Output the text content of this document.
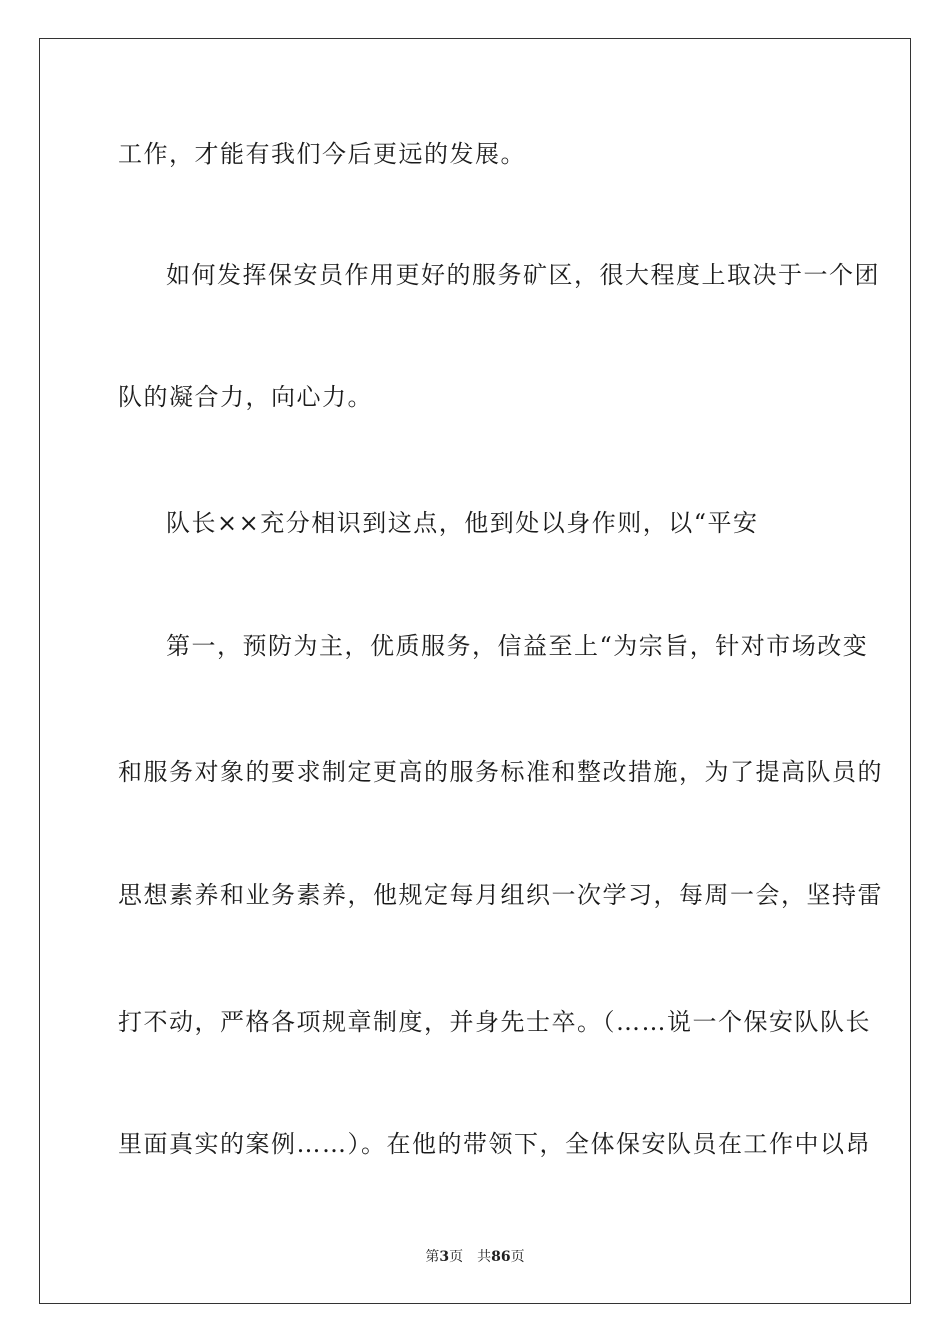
工作，才能有我们今后更远的发展。
如何发挥保安员作用更好的服务矿区，很大程度上取决于一个团
队的凝合力，向心力。
队长××充分相识到这点，他到处以身作则，以“平安
第一，预防为主，优质服务，信益至上“为宗旨，针对市场改变
和服务对象的要求制定更高的服务标准和整改措施，为了提高队员的
思想素养和业务素养，他规定每月组织一次学习，每周一会，坚持雷
打不动，严格各项规章制度，并身先士卒。（……说一个保安队队长
里面真实的案例……）。在他的带领下，全体保安队员在工作中以昂
第3页 共86页
